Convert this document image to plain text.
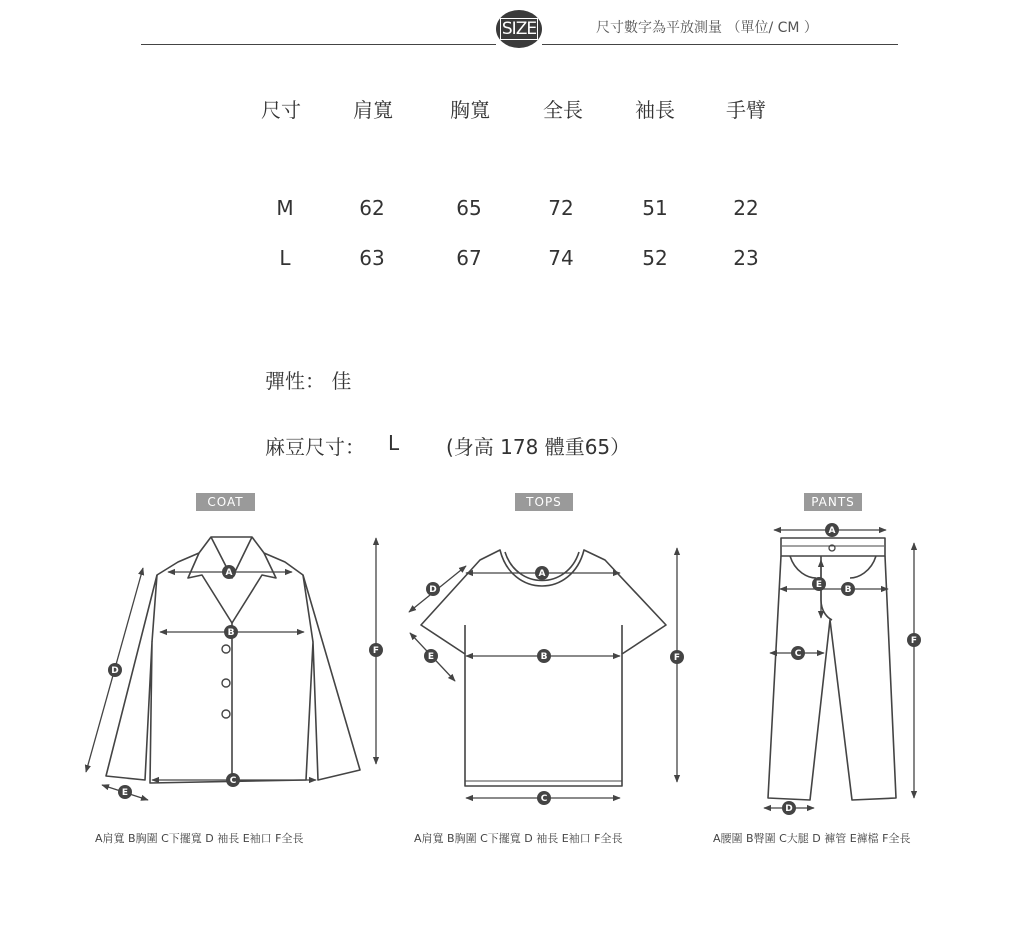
SIZE	尺寸數字為平放測量 （單位/ CM ）
尺寸	肩寬	胸寬	全長	袖長	手臂
M	62	65	72	51	22
L	63	67	74	52	23
彈性： 佳
麻豆尺寸： L (身高 178 體重65）
COAT	TOPS	PANTS
A
B
C
D
E
F
A
B
C
D
E	F
A
B
C
D
E
F
A肩寬 B胸圍 C下擺寬 D 袖長 E袖口 F全長	A肩寬 B胸圍 C下擺寬 D 袖長 E袖口 F全長	A腰圍 B臀圍 C大腿 D 褲管 E褲檔 F全長
